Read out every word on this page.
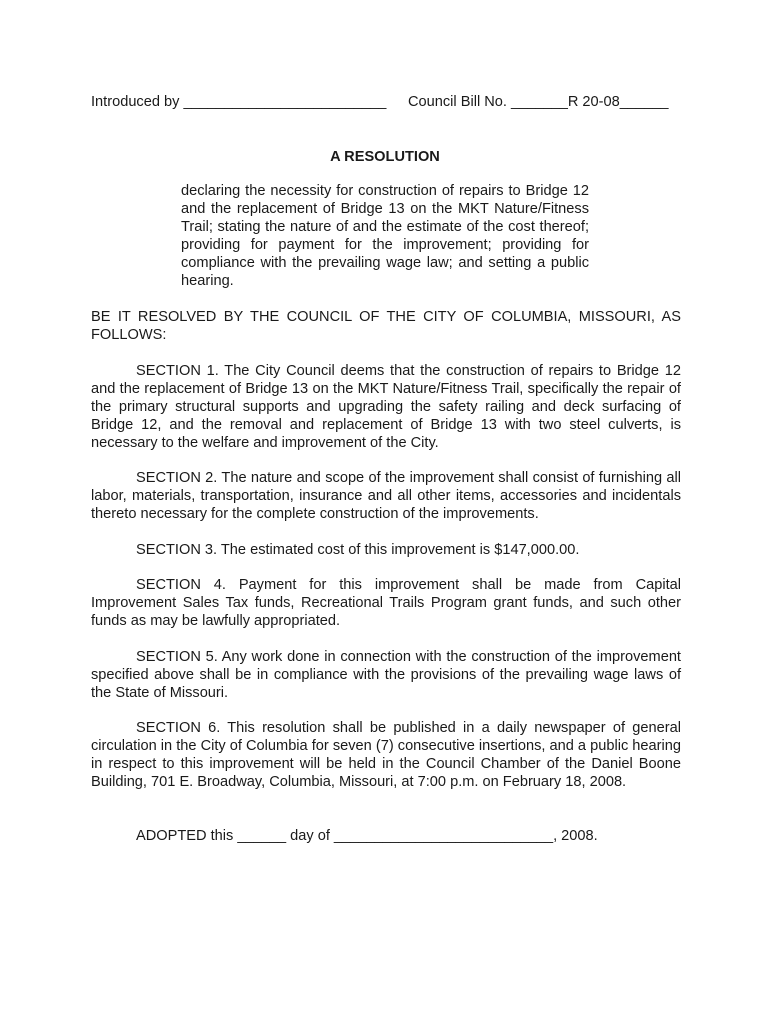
Introduced by _________________________ Council Bill No. _______R 20-08______
A RESOLUTION
declaring the necessity for construction of repairs to Bridge 12 and the replacement of Bridge 13 on the MKT Nature/Fitness Trail; stating the nature of and the estimate of the cost thereof; providing for payment for the improvement; providing for compliance with the prevailing wage law; and setting a public hearing.
BE IT RESOLVED BY THE COUNCIL OF THE CITY OF COLUMBIA, MISSOURI, AS FOLLOWS:
SECTION 1. The City Council deems that the construction of repairs to Bridge 12 and the replacement of Bridge 13 on the MKT Nature/Fitness Trail, specifically the repair of the primary structural supports and upgrading the safety railing and deck surfacing of Bridge 12, and the removal and replacement of Bridge 13 with two steel culverts, is necessary to the welfare and improvement of the City.
SECTION 2. The nature and scope of the improvement shall consist of furnishing all labor, materials, transportation, insurance and all other items, accessories and incidentals thereto necessary for the complete construction of the improvements.
SECTION 3. The estimated cost of this improvement is $147,000.00.
SECTION 4. Payment for this improvement shall be made from Capital Improvement Sales Tax funds, Recreational Trails Program grant funds, and such other funds as may be lawfully appropriated.
SECTION 5. Any work done in connection with the construction of the improvement specified above shall be in compliance with the provisions of the prevailing wage laws of the State of Missouri.
SECTION 6. This resolution shall be published in a daily newspaper of general circulation in the City of Columbia for seven (7) consecutive insertions, and a public hearing in respect to this improvement will be held in the Council Chamber of the Daniel Boone Building, 701 E. Broadway, Columbia, Missouri, at 7:00 p.m. on February 18, 2008.
ADOPTED this ______ day of ___________________________, 2008.
